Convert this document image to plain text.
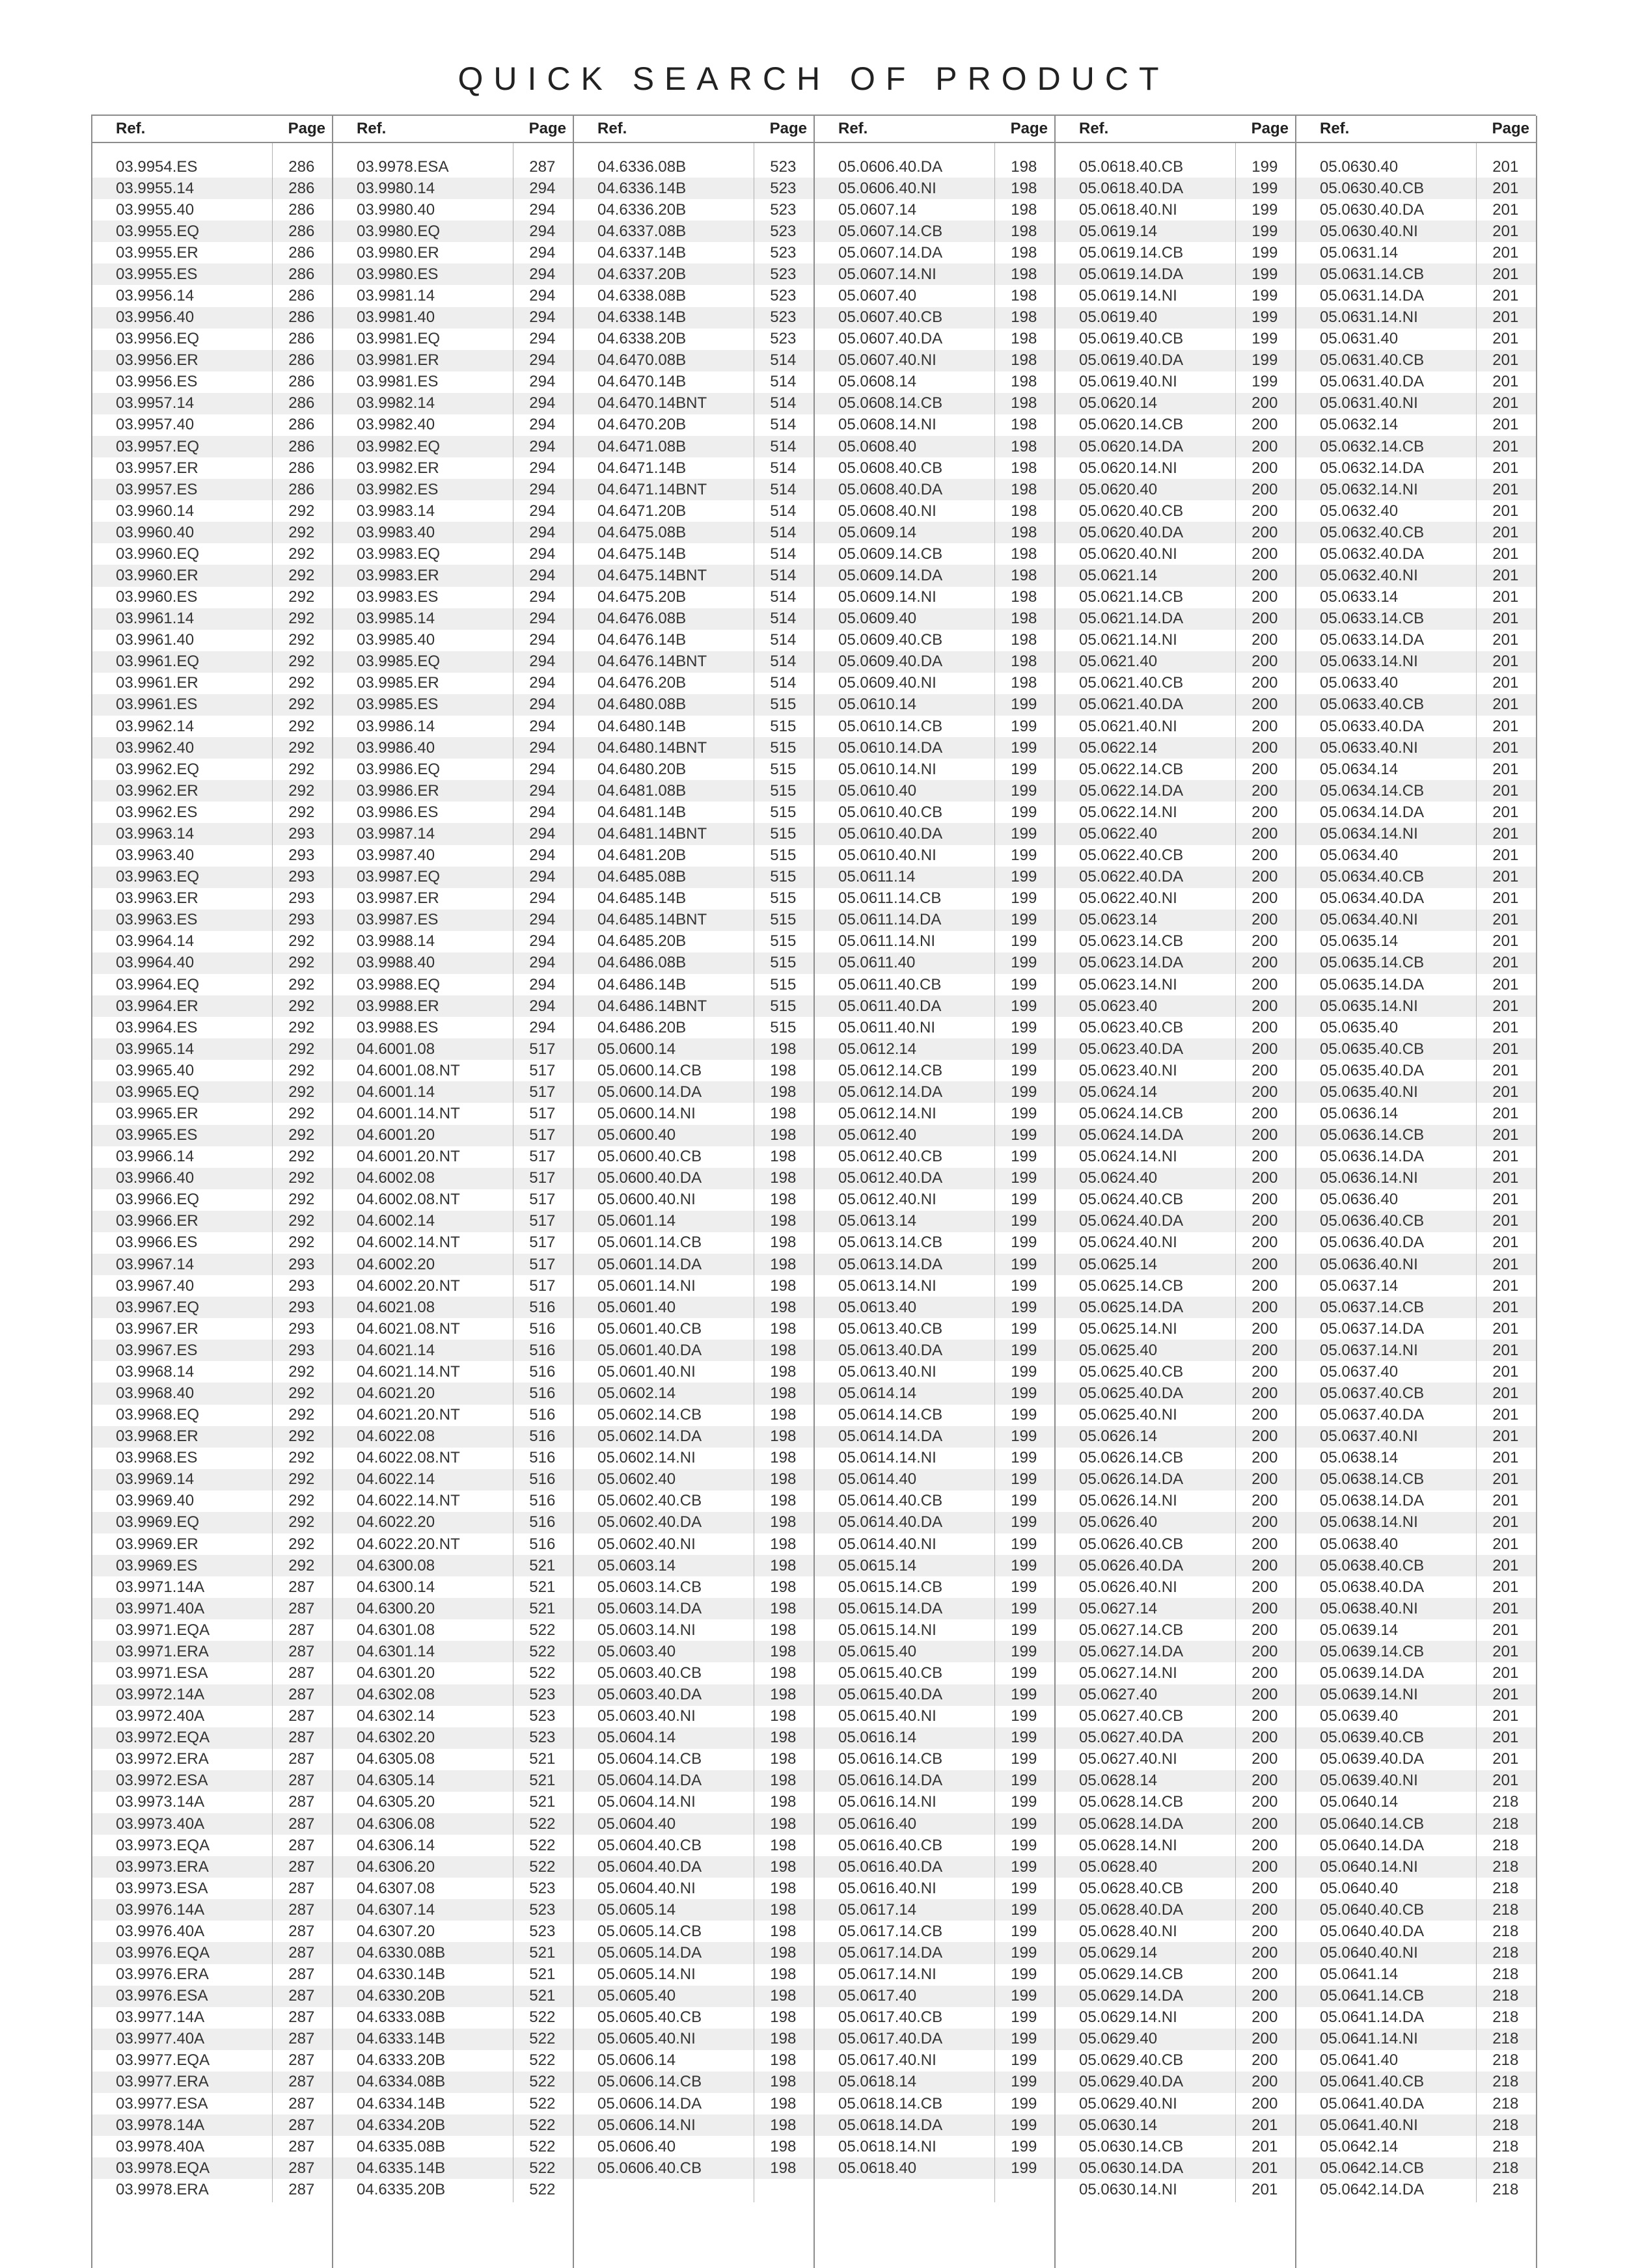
QUICK SEARCH OF PRODUCT
Ref.	Page
03.9954.ES	286
03.9955.14	286
03.9955.40	286
03.9955.EQ	286
03.9955.ER	286
03.9955.ES	286
03.9956.14	286
03.9956.40	286
03.9956.EQ	286
03.9956.ER	286
03.9956.ES	286
03.9957.14	286
03.9957.40	286
03.9957.EQ	286
03.9957.ER	286
03.9957.ES	286
03.9960.14	292
03.9960.40	292
03.9960.EQ	292
03.9960.ER	292
03.9960.ES	292
03.9961.14	292
03.9961.40	292
03.9961.EQ	292
03.9961.ER	292
03.9961.ES	292
03.9962.14	292
03.9962.40	292
03.9962.EQ	292
03.9962.ER	292
03.9962.ES	292
03.9963.14	293
03.9963.40	293
03.9963.EQ	293
03.9963.ER	293
03.9963.ES	293
03.9964.14	292
03.9964.40	292
03.9964.EQ	292
03.9964.ER	292
03.9964.ES	292
03.9965.14	292
03.9965.40	292
03.9965.EQ	292
03.9965.ER	292
03.9965.ES	292
03.9966.14	292
03.9966.40	292
03.9966.EQ	292
03.9966.ER	292
03.9966.ES	292
03.9967.14	293
03.9967.40	293
03.9967.EQ	293
03.9967.ER	293
03.9967.ES	293
03.9968.14	292
03.9968.40	292
03.9968.EQ	292
03.9968.ER	292
03.9968.ES	292
03.9969.14	292
03.9969.40	292
03.9969.EQ	292
03.9969.ER	292
03.9969.ES	292
03.9971.14A	287
03.9971.40A	287
03.9971.EQA	287
03.9971.ERA	287
03.9971.ESA	287
03.9972.14A	287
03.9972.40A	287
03.9972.EQA	287
03.9972.ERA	287
03.9972.ESA	287
03.9973.14A	287
03.9973.40A	287
03.9973.EQA	287
03.9973.ERA	287
03.9973.ESA	287
03.9976.14A	287
03.9976.40A	287
03.9976.EQA	287
03.9976.ERA	287
03.9976.ESA	287
03.9977.14A	287
03.9977.40A	287
03.9977.EQA	287
03.9977.ERA	287
03.9977.ESA	287
03.9978.14A	287
03.9978.40A	287
03.9978.EQA	287
03.9978.ERA	287
Ref.	Page
03.9978.ESA	287
03.9980.14	294
03.9980.40	294
03.9980.EQ	294
03.9980.ER	294
03.9980.ES	294
03.9981.14	294
03.9981.40	294
03.9981.EQ	294
03.9981.ER	294
03.9981.ES	294
03.9982.14	294
03.9982.40	294
03.9982.EQ	294
03.9982.ER	294
03.9982.ES	294
03.9983.14	294
03.9983.40	294
03.9983.EQ	294
03.9983.ER	294
03.9983.ES	294
03.9985.14	294
03.9985.40	294
03.9985.EQ	294
03.9985.ER	294
03.9985.ES	294
03.9986.14	294
03.9986.40	294
03.9986.EQ	294
03.9986.ER	294
03.9986.ES	294
03.9987.14	294
03.9987.40	294
03.9987.EQ	294
03.9987.ER	294
03.9987.ES	294
03.9988.14	294
03.9988.40	294
03.9988.EQ	294
03.9988.ER	294
03.9988.ES	294
04.6001.08	517
04.6001.08.NT	517
04.6001.14	517
04.6001.14.NT	517
04.6001.20	517
04.6001.20.NT	517
04.6002.08	517
04.6002.08.NT	517
04.6002.14	517
04.6002.14.NT	517
04.6002.20	517
04.6002.20.NT	517
04.6021.08	516
04.6021.08.NT	516
04.6021.14	516
04.6021.14.NT	516
04.6021.20	516
04.6021.20.NT	516
04.6022.08	516
04.6022.08.NT	516
04.6022.14	516
04.6022.14.NT	516
04.6022.20	516
04.6022.20.NT	516
04.6300.08	521
04.6300.14	521
04.6300.20	521
04.6301.08	522
04.6301.14	522
04.6301.20	522
04.6302.08	523
04.6302.14	523
04.6302.20	523
04.6305.08	521
04.6305.14	521
04.6305.20	521
04.6306.08	522
04.6306.14	522
04.6306.20	522
04.6307.08	523
04.6307.14	523
04.6307.20	523
04.6330.08B	521
04.6330.14B	521
04.6330.20B	521
04.6333.08B	522
04.6333.14B	522
04.6333.20B	522
04.6334.08B	522
04.6334.14B	522
04.6334.20B	522
04.6335.08B	522
04.6335.14B	522
04.6335.20B	522
Ref.	Page
04.6336.08B	523
04.6336.14B	523
04.6336.20B	523
04.6337.08B	523
04.6337.14B	523
04.6337.20B	523
04.6338.08B	523
04.6338.14B	523
04.6338.20B	523
04.6470.08B	514
04.6470.14B	514
04.6470.14BNT	514
04.6470.20B	514
04.6471.08B	514
04.6471.14B	514
04.6471.14BNT	514
04.6471.20B	514
04.6475.08B	514
04.6475.14B	514
04.6475.14BNT	514
04.6475.20B	514
04.6476.08B	514
04.6476.14B	514
04.6476.14BNT	514
04.6476.20B	514
04.6480.08B	515
04.6480.14B	515
04.6480.14BNT	515
04.6480.20B	515
04.6481.08B	515
04.6481.14B	515
04.6481.14BNT	515
04.6481.20B	515
04.6485.08B	515
04.6485.14B	515
04.6485.14BNT	515
04.6485.20B	515
04.6486.08B	515
04.6486.14B	515
04.6486.14BNT	515
04.6486.20B	515
05.0600.14	198
05.0600.14.CB	198
05.0600.14.DA	198
05.0600.14.NI	198
05.0600.40	198
05.0600.40.CB	198
05.0600.40.DA	198
05.0600.40.NI	198
05.0601.14	198
05.0601.14.CB	198
05.0601.14.DA	198
05.0601.14.NI	198
05.0601.40	198
05.0601.40.CB	198
05.0601.40.DA	198
05.0601.40.NI	198
05.0602.14	198
05.0602.14.CB	198
05.0602.14.DA	198
05.0602.14.NI	198
05.0602.40	198
05.0602.40.CB	198
05.0602.40.DA	198
05.0602.40.NI	198
05.0603.14	198
05.0603.14.CB	198
05.0603.14.DA	198
05.0603.14.NI	198
05.0603.40	198
05.0603.40.CB	198
05.0603.40.DA	198
05.0603.40.NI	198
05.0604.14	198
05.0604.14.CB	198
05.0604.14.DA	198
05.0604.14.NI	198
05.0604.40	198
05.0604.40.CB	198
05.0604.40.DA	198
05.0604.40.NI	198
05.0605.14	198
05.0605.14.CB	198
05.0605.14.DA	198
05.0605.14.NI	198
05.0605.40	198
05.0605.40.CB	198
05.0605.40.NI	198
05.0606.14	198
05.0606.14.CB	198
05.0606.14.DA	198
05.0606.14.NI	198
05.0606.40	198
05.0606.40.CB	198
Ref.	Page
05.0606.40.DA	198
05.0606.40.NI	198
05.0607.14	198
05.0607.14.CB	198
05.0607.14.DA	198
05.0607.14.NI	198
05.0607.40	198
05.0607.40.CB	198
05.0607.40.DA	198
05.0607.40.NI	198
05.0608.14	198
05.0608.14.CB	198
05.0608.14.NI	198
05.0608.40	198
05.0608.40.CB	198
05.0608.40.DA	198
05.0608.40.NI	198
05.0609.14	198
05.0609.14.CB	198
05.0609.14.DA	198
05.0609.14.NI	198
05.0609.40	198
05.0609.40.CB	198
05.0609.40.DA	198
05.0609.40.NI	198
05.0610.14	199
05.0610.14.CB	199
05.0610.14.DA	199
05.0610.14.NI	199
05.0610.40	199
05.0610.40.CB	199
05.0610.40.DA	199
05.0610.40.NI	199
05.0611.14	199
05.0611.14.CB	199
05.0611.14.DA	199
05.0611.14.NI	199
05.0611.40	199
05.0611.40.CB	199
05.0611.40.DA	199
05.0611.40.NI	199
05.0612.14	199
05.0612.14.CB	199
05.0612.14.DA	199
05.0612.14.NI	199
05.0612.40	199
05.0612.40.CB	199
05.0612.40.DA	199
05.0612.40.NI	199
05.0613.14	199
05.0613.14.CB	199
05.0613.14.DA	199
05.0613.14.NI	199
05.0613.40	199
05.0613.40.CB	199
05.0613.40.DA	199
05.0613.40.NI	199
05.0614.14	199
05.0614.14.CB	199
05.0614.14.DA	199
05.0614.14.NI	199
05.0614.40	199
05.0614.40.CB	199
05.0614.40.DA	199
05.0614.40.NI	199
05.0615.14	199
05.0615.14.CB	199
05.0615.14.DA	199
05.0615.14.NI	199
05.0615.40	199
05.0615.40.CB	199
05.0615.40.DA	199
05.0615.40.NI	199
05.0616.14	199
05.0616.14.CB	199
05.0616.14.DA	199
05.0616.14.NI	199
05.0616.40	199
05.0616.40.CB	199
05.0616.40.DA	199
05.0616.40.NI	199
05.0617.14	199
05.0617.14.CB	199
05.0617.14.DA	199
05.0617.14.NI	199
05.0617.40	199
05.0617.40.CB	199
05.0617.40.DA	199
05.0617.40.NI	199
05.0618.14	199
05.0618.14.CB	199
05.0618.14.DA	199
05.0618.14.NI	199
05.0618.40	199
Ref.	Page
05.0618.40.CB	199
05.0618.40.DA	199
05.0618.40.NI	199
05.0619.14	199
05.0619.14.CB	199
05.0619.14.DA	199
05.0619.14.NI	199
05.0619.40	199
05.0619.40.CB	199
05.0619.40.DA	199
05.0619.40.NI	199
05.0620.14	200
05.0620.14.CB	200
05.0620.14.DA	200
05.0620.14.NI	200
05.0620.40	200
05.0620.40.CB	200
05.0620.40.DA	200
05.0620.40.NI	200
05.0621.14	200
05.0621.14.CB	200
05.0621.14.DA	200
05.0621.14.NI	200
05.0621.40	200
05.0621.40.CB	200
05.0621.40.DA	200
05.0621.40.NI	200
05.0622.14	200
05.0622.14.CB	200
05.0622.14.DA	200
05.0622.14.NI	200
05.0622.40	200
05.0622.40.CB	200
05.0622.40.DA	200
05.0622.40.NI	200
05.0623.14	200
05.0623.14.CB	200
05.0623.14.DA	200
05.0623.14.NI	200
05.0623.40	200
05.0623.40.CB	200
05.0623.40.DA	200
05.0623.40.NI	200
05.0624.14	200
05.0624.14.CB	200
05.0624.14.DA	200
05.0624.14.NI	200
05.0624.40	200
05.0624.40.CB	200
05.0624.40.DA	200
05.0624.40.NI	200
05.0625.14	200
05.0625.14.CB	200
05.0625.14.DA	200
05.0625.14.NI	200
05.0625.40	200
05.0625.40.CB	200
05.0625.40.DA	200
05.0625.40.NI	200
05.0626.14	200
05.0626.14.CB	200
05.0626.14.DA	200
05.0626.14.NI	200
05.0626.40	200
05.0626.40.CB	200
05.0626.40.DA	200
05.0626.40.NI	200
05.0627.14	200
05.0627.14.CB	200
05.0627.14.DA	200
05.0627.14.NI	200
05.0627.40	200
05.0627.40.CB	200
05.0627.40.DA	200
05.0627.40.NI	200
05.0628.14	200
05.0628.14.CB	200
05.0628.14.DA	200
05.0628.14.NI	200
05.0628.40	200
05.0628.40.CB	200
05.0628.40.DA	200
05.0628.40.NI	200
05.0629.14	200
05.0629.14.CB	200
05.0629.14.DA	200
05.0629.14.NI	200
05.0629.40	200
05.0629.40.CB	200
05.0629.40.DA	200
05.0629.40.NI	200
05.0630.14	201
05.0630.14.CB	201
05.0630.14.DA	201
05.0630.14.NI	201
Ref.	Page
05.0630.40	201
05.0630.40.CB	201
05.0630.40.DA	201
05.0630.40.NI	201
05.0631.14	201
05.0631.14.CB	201
05.0631.14.DA	201
05.0631.14.NI	201
05.0631.40	201
05.0631.40.CB	201
05.0631.40.DA	201
05.0631.40.NI	201
05.0632.14	201
05.0632.14.CB	201
05.0632.14.DA	201
05.0632.14.NI	201
05.0632.40	201
05.0632.40.CB	201
05.0632.40.DA	201
05.0632.40.NI	201
05.0633.14	201
05.0633.14.CB	201
05.0633.14.DA	201
05.0633.14.NI	201
05.0633.40	201
05.0633.40.CB	201
05.0633.40.DA	201
05.0633.40.NI	201
05.0634.14	201
05.0634.14.CB	201
05.0634.14.DA	201
05.0634.14.NI	201
05.0634.40	201
05.0634.40.CB	201
05.0634.40.DA	201
05.0634.40.NI	201
05.0635.14	201
05.0635.14.CB	201
05.0635.14.DA	201
05.0635.14.NI	201
05.0635.40	201
05.0635.40.CB	201
05.0635.40.DA	201
05.0635.40.NI	201
05.0636.14	201
05.0636.14.CB	201
05.0636.14.DA	201
05.0636.14.NI	201
05.0636.40	201
05.0636.40.CB	201
05.0636.40.DA	201
05.0636.40.NI	201
05.0637.14	201
05.0637.14.CB	201
05.0637.14.DA	201
05.0637.14.NI	201
05.0637.40	201
05.0637.40.CB	201
05.0637.40.DA	201
05.0637.40.NI	201
05.0638.14	201
05.0638.14.CB	201
05.0638.14.DA	201
05.0638.14.NI	201
05.0638.40	201
05.0638.40.CB	201
05.0638.40.DA	201
05.0638.40.NI	201
05.0639.14	201
05.0639.14.CB	201
05.0639.14.DA	201
05.0639.14.NI	201
05.0639.40	201
05.0639.40.CB	201
05.0639.40.DA	201
05.0639.40.NI	201
05.0640.14	218
05.0640.14.CB	218
05.0640.14.DA	218
05.0640.14.NI	218
05.0640.40	218
05.0640.40.CB	218
05.0640.40.DA	218
05.0640.40.NI	218
05.0641.14	218
05.0641.14.CB	218
05.0641.14.DA	218
05.0641.14.NI	218
05.0641.40	218
05.0641.40.CB	218
05.0641.40.DA	218
05.0641.40.NI	218
05.0642.14	218
05.0642.14.CB	218
05.0642.14.DA	218
